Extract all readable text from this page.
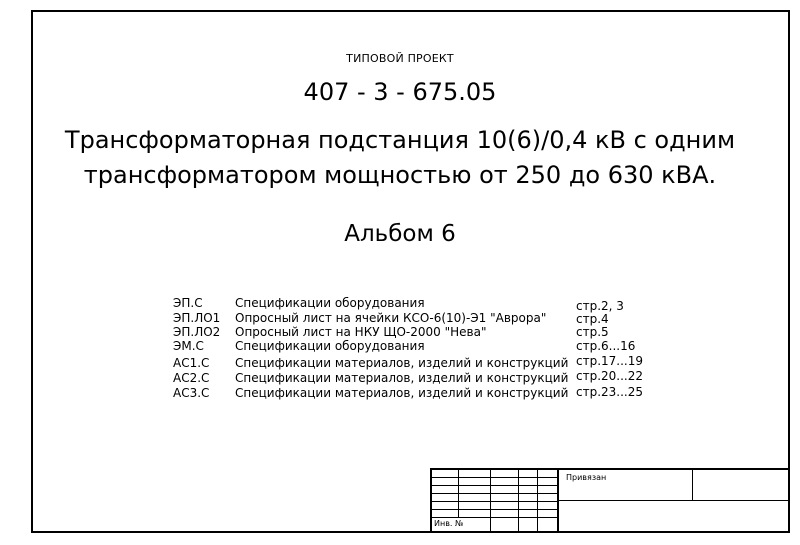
ТИПОВОЙ ПРОЕКТ
407 - 3 - 675.05
Трансформаторная подстанция 10(6)/0,4 кВ с одним
трансформатором мощностью от 250 до 630 кВА.
Альбом 6
ЭП.С	Спецификации оборудования	стр.2, 3
ЭП.ЛО1	Опросный лист на ячейки КСО-6(10)-Э1 "Аврора" стр.4
ЭП.ЛО2	Опросный лист на НКУ ЩО-2000 "Нева"	стр.5
ЭМ.С	Спецификации оборудования	стр.6...16
АС1.С	Спецификации материалов, изделий и конструкций стр.17...19
АС2.С	Спецификации материалов, изделий и конструкций стр.20...22
АС3.С	Спецификации материалов, изделий и конструкций стр.23...25
Привязан
Инв. №
